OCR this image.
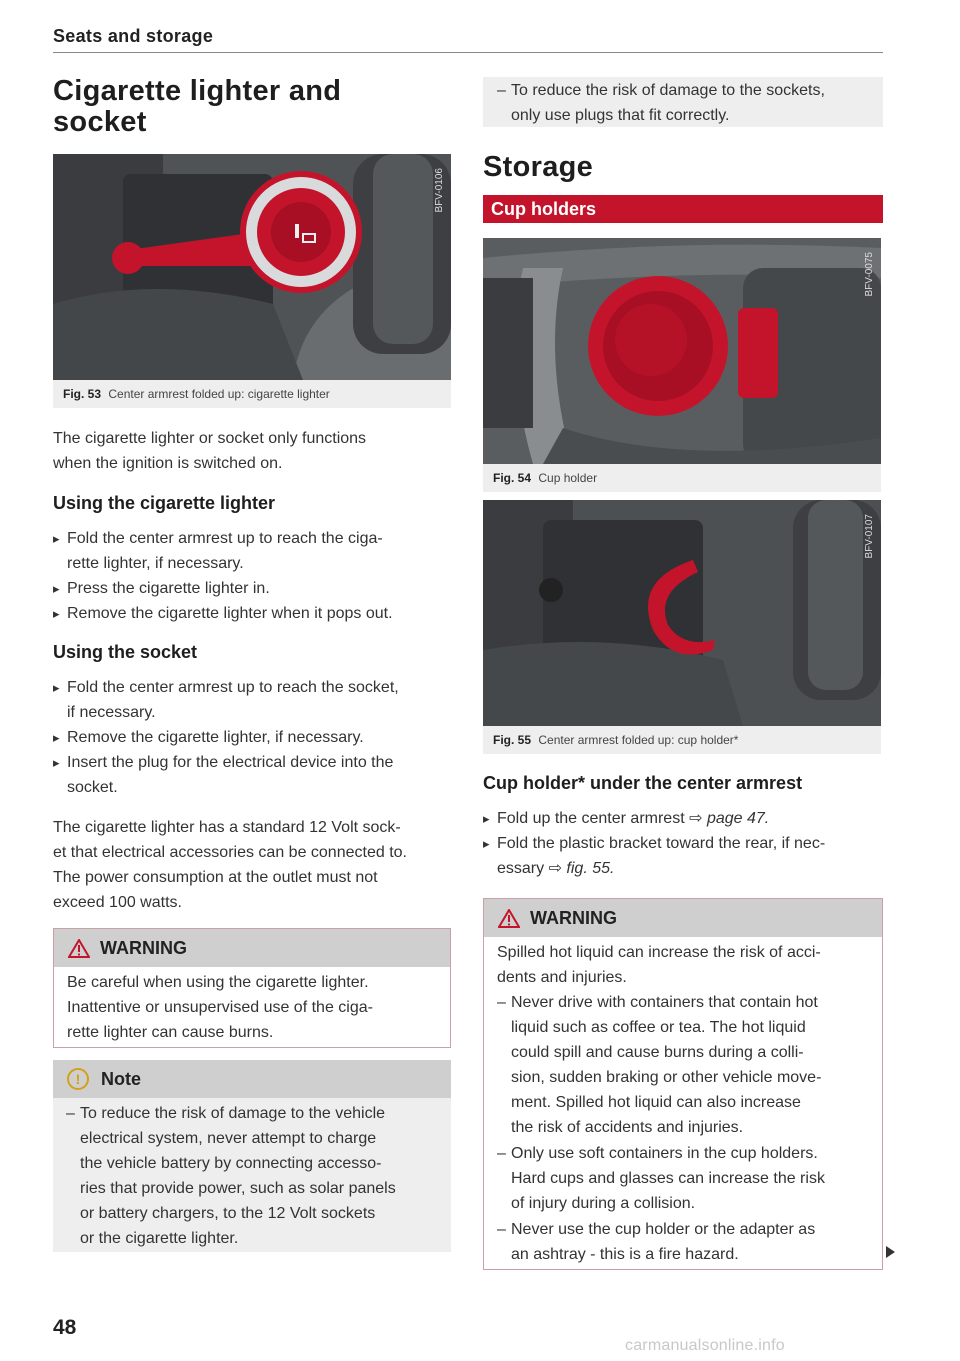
Seats and storage
Cigarette lighter and
socket
BFV-0106
Fig. 53 Center armrest folded up: cigarette lighter
The cigarette lighter or socket only functions
when the ignition is switched on.
Using the cigarette lighter
▸ Fold the center armrest up to reach the ciga-
rette lighter, if necessary.
▸ Press the cigarette lighter in.
▸ Remove the cigarette lighter when it pops out.
Using the socket
▸ Fold the center armrest up to reach the socket,
if necessary.
▸ Remove the cigarette lighter, if necessary.
▸ Insert the plug for the electrical device into the
socket.
The cigarette lighter has a standard 12 Volt sock-
et that electrical accessories can be connected to.
The power consumption at the outlet must not
exceed 100 watts.
WARNING
Be careful when using the cigarette lighter.
Inattentive or unsupervised use of the ciga-
rette lighter can cause burns.
!	Note
– To reduce the risk of damage to the vehicle
electrical system, never attempt to charge
the vehicle battery by connecting accesso-
ries that provide power, such as solar panels
or battery chargers, to the 12 Volt sockets
or the cigarette lighter.
48
– To reduce the risk of damage to the sockets,
only use plugs that fit correctly.
Storage
Cup holders
BFV-0075
Fig. 54 Cup holder
BFV-0107
Fig. 55 Center armrest folded up: cup holder*
Cup holder* under the center armrest
▸ Fold up the center armrest ⇨ page 47.
▸ Fold the plastic bracket toward the rear, if nec-
essary ⇨ fig. 55.
WARNING
Spilled hot liquid can increase the risk of acci-
dents and injuries.
– Never drive with containers that contain hot
liquid such as coffee or tea. The hot liquid
could spill and cause burns during a colli-
sion, sudden braking or other vehicle move-
ment. Spilled hot liquid can also increase
the risk of accidents and injuries.
– Only use soft containers in the cup holders.
Hard cups and glasses can increase the risk
of injury during a collision.
– Never use the cup holder or the adapter as
an ashtray - this is a fire hazard.
carmanualsonline.info
